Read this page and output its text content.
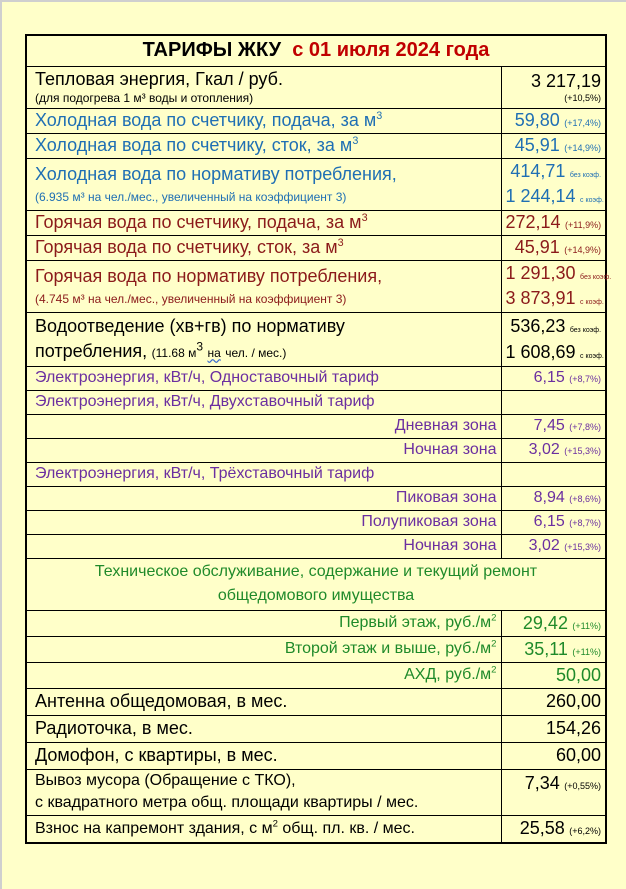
ТАРИФЫ ЖКУ с 01 июля 2024 года	

Тепловая энергия, Гкал / руб.
(для подогрева 1 м³ воды и отопления)	3 217,19
(+10,5%)

Холодная вода по счетчику, подача, за $м^3$	59,80 (+17,4%)
Холодная вода по счетчику, сток, за $м^3$	45,91 (+14,9%)

Холодная вода по нормативу потребления,
(6.935 м³ на чел./мес., увеличенный на коэффициент 3)	414,71 без коэф.
1 244,14 с коэф.

Горячая вода по счетчику, подача, за $м^3$	272,14 (+11,9%)
Горячая вода по счетчику, сток, за $м^3$	45,91 (+14,9%)

Горячая вода по нормативу потребления,
(4.745 м³ на чел./мес., увеличенный на коэффициент 3)	1 291,30 без коэф.
3 873,91 с коэф.

Водоотведение (хв+гв) по нормативу
потребления, (11.68 $м^3$ на чел. / мес.)	536,23 без коэф.
1 608,69 с коэф.

Электроэнергия, кВт/ч, Одноставочный тариф	6,15 (+8,7%)
Электроэнергия, кВт/ч, Двухставочный тариф	
Дневная зона	7,45 (+7,8%)
Ночная зона	3,02 (+15,3%)
Электроэнергия, кВт/ч, Трёхставочный тариф	
Пиковая зона	8,94 (+8,6%)
Полупиковая зона	6,15 (+8,7%)
Ночная зона	3,02 (+15,3%)

Техническое обслуживание, содержание и текущий ремонт
общедомового имущества	

Первый этаж, $руб./м^2$	29,42 (+11%)
Второй этаж и выше, $руб./м^2$	35,11 (+11%)
АХД, $руб./м^2$	50,00
Антенна общедомовая, в мес.	260,00
Радиоточка, в мес.	154,26
Домофон, с квартиры, в мес.	60,00

Вывоз мусора (Обращение с ТКО),
с квадратного метра общ. площади квартиры / мес.	7,34 (+0,55%)
Взнос на капремонт здания, с $м^2$ общ. пл. кв. / мес.	25,58 (+6,2%)
